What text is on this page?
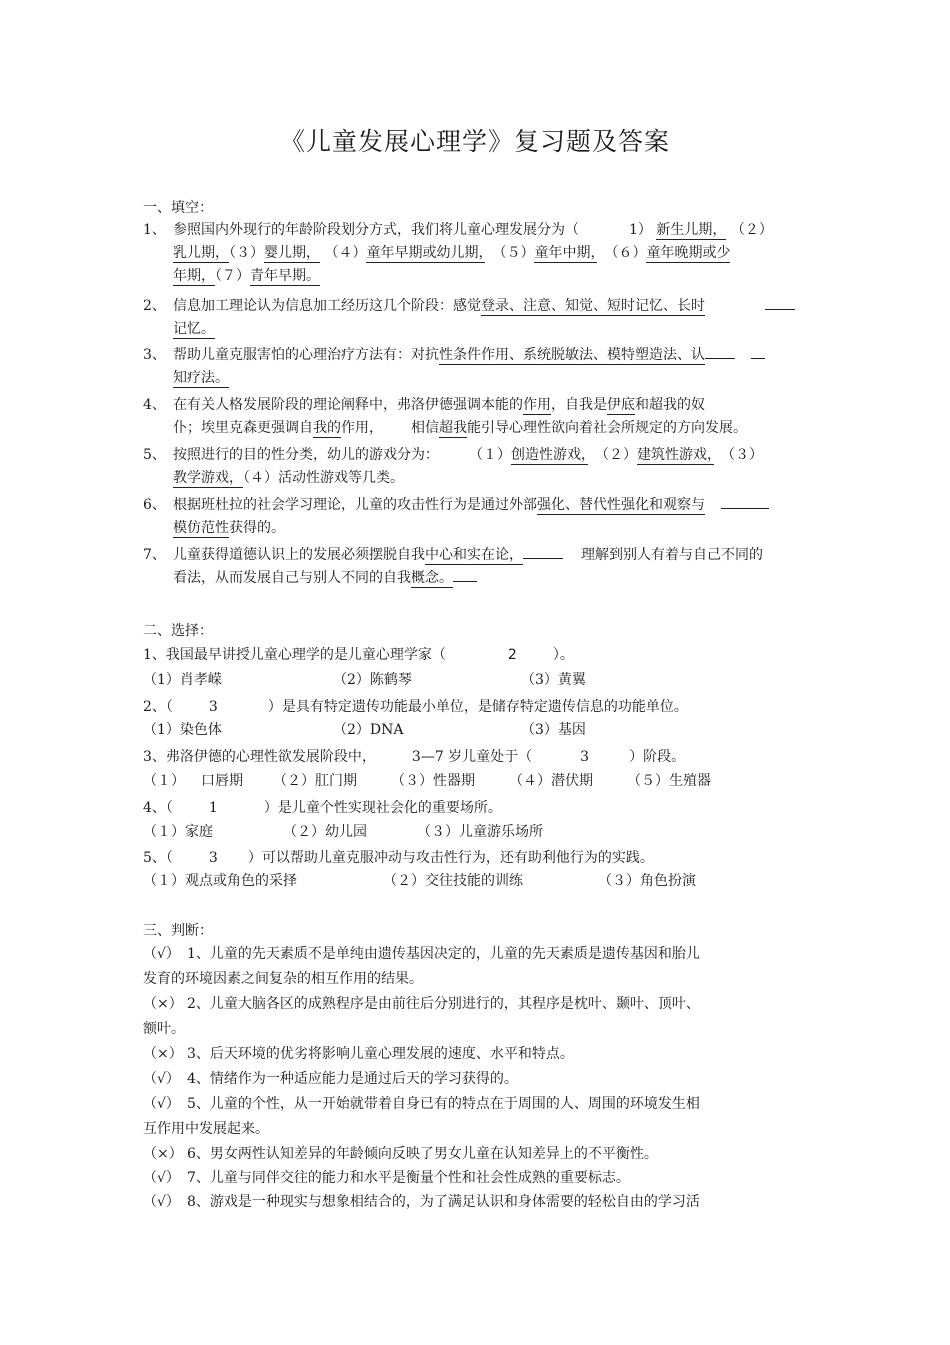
《儿童发展心理学》复习题及答案
一、填空：
1、 参照国内外现行的年龄阶段划分方式，我们将儿童心理发展分为（	1） 新生儿期， （２）
乳儿期，（３）婴儿期， （４）童年早期或幼儿期，　 （５）童年中期，　 （６）童年晚期或少
年期，（７）青年早期。
2、 信息加工理论认为信息加工经历这几个阶段：感觉登录、注意、知觉、短时记忆、长时
记忆。
3、 帮助儿童克服害怕的心理治疗方法有：对抗性条件作用、系统脱敏法、模特塑造法、认
知疗法。
4、 在有关人格发展阶段的理论阐释中，弗洛伊德强调本能的作用，自我是伊底和超我的奴
仆；埃里克森更强调自我的作用， 相信超我能引导心理性欲向着社会所规定的方向发展。
5、 按照进行的目的性分类，幼儿的游戏分为： （１）创造性游戏，　 （２）建筑性游戏，　 （３）
教学游戏，（４）活动性游戏等几类。
6、 根据班杜拉的社会学习理论，儿童的攻击性行为是通过外部强化、替代性强化和观察与
模仿范性获得的。
7、 儿童获得道德认识上的发展必须摆脱自我中心和实在论，	理解到别人有着与自己不同的
看法，从而发展自己与别人不同的自我概念。
二、选择：
1、我国最早讲授儿童心理学的是儿童心理学家（	2	）。
（1）肖孝嵘	（2）陈鹤琴	（3）黄翼
2、（	3	）是具有特定遗传功能最小单位，是储存特定遗传信息的功能单位。
（1）染色体	（2）DNA	（3）基因
3、弗洛伊德的心理性欲发展阶段中，	3—7 岁儿童处于（	3	）阶段。
（１） 口唇期 （２）肛门期 （３）性器期 （４）潜伏期 （５）生殖器
4、（	1	）是儿童个性实现社会化的重要场所。
（１）家庭	（２）幼儿园	（３）儿童游乐场所
5、（	3 ）可以帮助儿童克服冲动与攻击性行为，还有助利他行为的实践。
（１）观点或角色的采择	（２）交往技能的训练	（３）角色扮演
三、判断：
（√） 1、儿童的先天素质不是单纯由遗传基因决定的，儿童的先天素质是遗传基因和胎儿
发育的环境因素之间复杂的相互作用的结果。
（×） 2、儿童大脑各区的成熟程序是由前往后分别进行的，其程序是枕叶、颞叶、顶叶、
额叶。
（×） 3、后天环境的优劣将影响儿童心理发展的速度、水平和特点。
（√） 4、情绪作为一种适应能力是通过后天的学习获得的。
（√） 5、儿童的个性，从一开始就带着自身已有的特点在于周围的人、周围的环境发生相
互作用中发展起来。
（×） 6、男女两性认知差异的年龄倾向反映了男女儿童在认知差异上的不平衡性。
（√） 7、儿童与同伴交往的能力和水平是衡量个性和社会性成熟的重要标志。
（√） 8、游戏是一种现实与想象相结合的，为了满足认识和身体需要的轻松自由的学习活
